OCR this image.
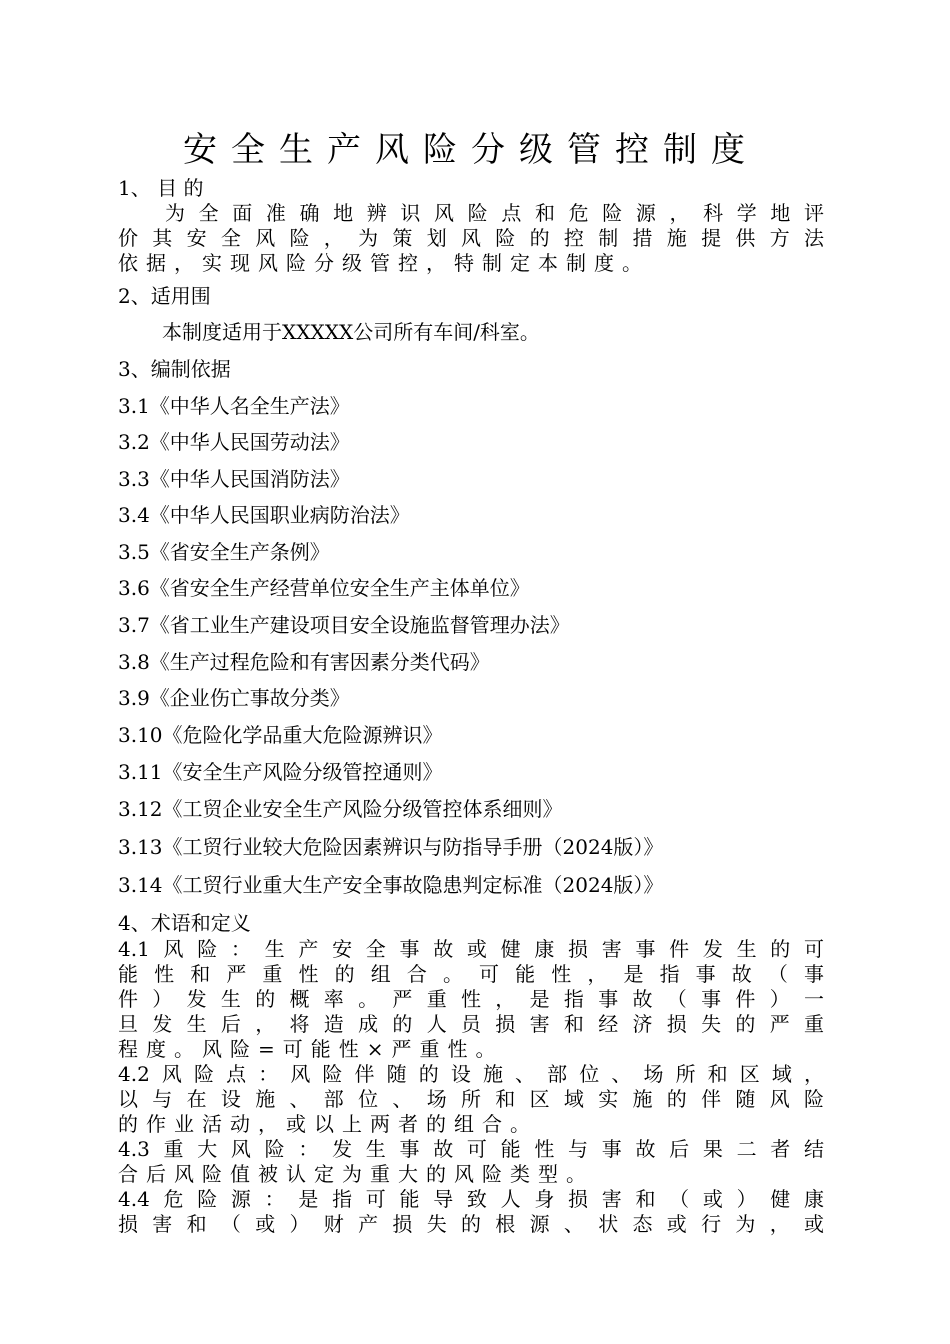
安全生产风险分级管控制度
1、 目 的
为全面准确地辨识风险点和危险源，科学地评
价其安全风险，为策划风险的控制措施提供方法
依据，实现风险分级管控，特制定本制度。
2、适用围
本制度适用于XXXXX公司所有车间/科室。
3、编制依据
3.1《中华人名全生产法》
3.2《中华人民国劳动法》
3.3《中华人民国消防法》
3.4《中华人民国职业病防治法》
3.5《省安全生产条例》
3.6《省安全生产经营单位安全生产主体单位》
3.7《省工业生产建设项目安全设施监督管理办法》
3.8《生产过程危险和有害因素分类代码》
3.9《企业伤亡事故分类》
3.10《危险化学品重大危险源辨识》
3.11《安全生产风险分级管控通则》
3.12《工贸企业安全生产风险分级管控体系细则》
3.13《工贸行业较大危险因素辨识与防指导手册（2024版）》
3.14《工贸行业重大生产安全事故隐患判定标准（2024版）》
4、术语和定义
4.1风险：生产安全事故或健康损害事件发生的可
能性和严重性的组合。可能性，是指事故（事
件）发生的概率。严重性，是指事故（事件）一
旦发生后，将造成的人员损害和经济损失的严重
程度。风险=可能性×严重性。
4.2风险点：风险伴随的设施、部位、场所和区域，
以与在设施、部位、场所和区域实施的伴随风险
的作业活动，或以上两者的组合。
4.3重大风险：发生事故可能性与事故后果二者结
合后风险值被认定为重大的风险类型。
4.4危险源：是指可能导致人身损害和（或）健康
损害和（或）财产损失的根源、状态或行为，或
